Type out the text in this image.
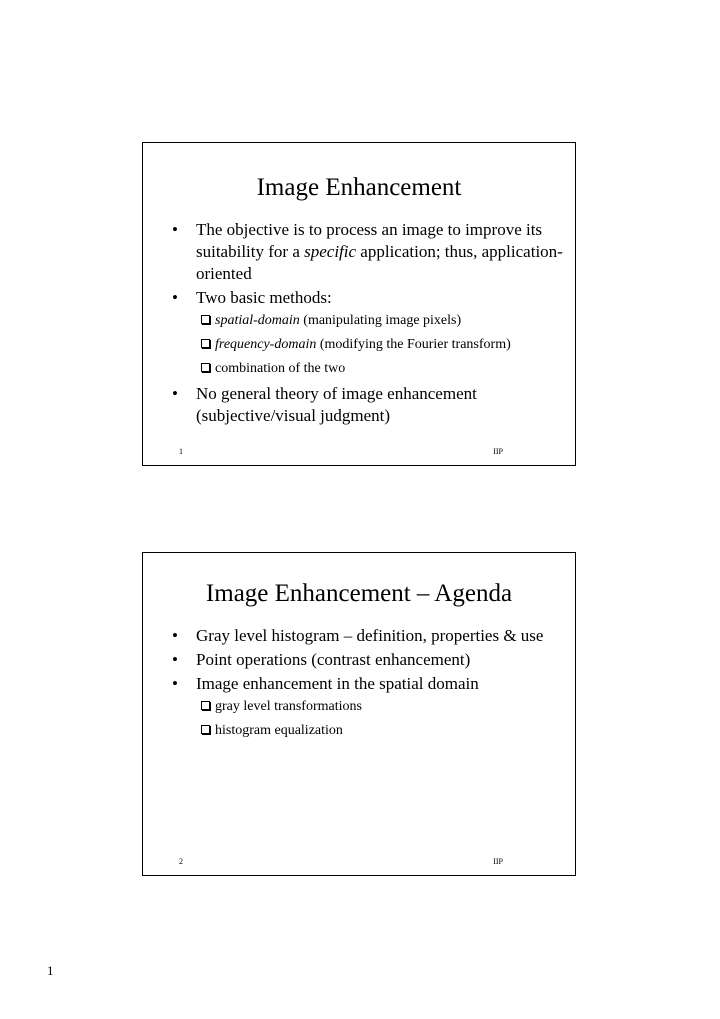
Image Enhancement
• The objective is to process an image to improve its suitability for a specific application; thus, application-oriented
• Two basic methods:
spatial-domain (manipulating image pixels)
frequency-domain (modifying the Fourier transform)
combination of the two
• No general theory of image enhancement (subjective/visual judgment)
1	IIP
Image Enhancement – Agenda
• Gray level histogram – definition, properties & use
• Point operations (contrast enhancement)
• Image enhancement in the spatial domain
gray level transformations
histogram equalization
2	IIP
1
